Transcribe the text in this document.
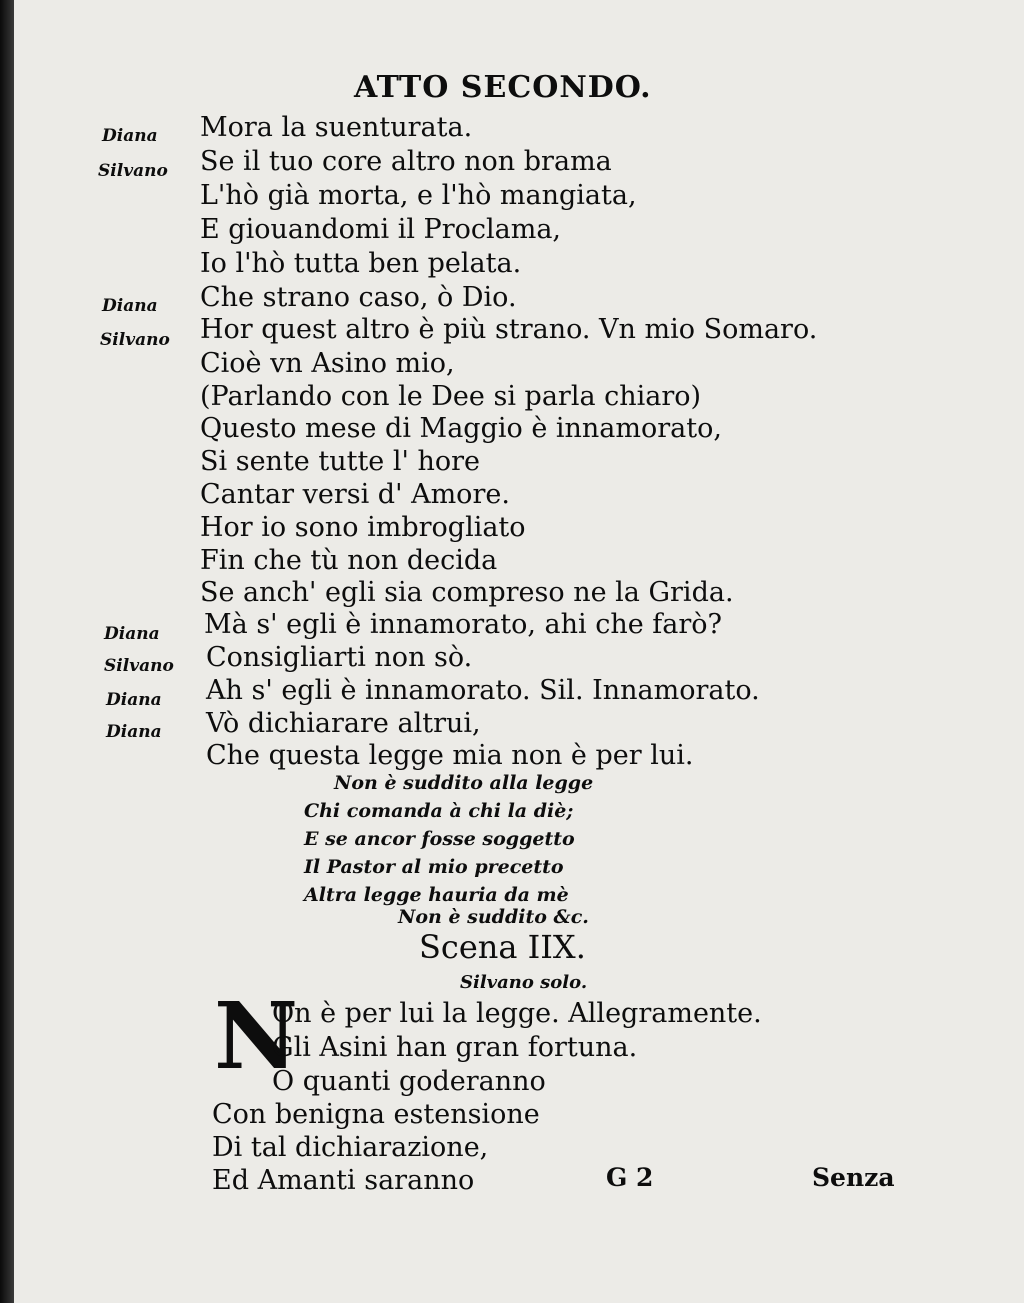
ATTO SECONDO.
Diana Mora la suenturata.
Silvano Se il tuo core altro non brama
L'hò già morta, e l'hò mangiata,
E giouandomi il Proclama,
Io l'hò tutta ben pelata.
Diana Che strano caso, ò Dio.
Silvano Hor quest altro è più strano. Vn mio Somaro.
Cioè vn Asino mio,
(Parlando con le Dee si parla chiaro)
Questo mese di Maggio è innamorato,
Si sente tutte l' hore
Cantar versi d' Amore.
Hor io sono imbrogliato
Fin che tù non decida
Se anch' egli sia compreso ne la Grida.
Diana Mà s' egli è innamorato, ahi che farò?
Silvano Consigliarti non sò.
Diana Ah s' egli è innamorato. Sil. Innamorato.
Diana Vò dichiarare altrui,
Che questa legge mia non è per lui.
Non è suddito alla legge
Chi comanda à chi la diè;
E se ancor fosse soggetto
Il Pastor al mio precetto
Altra legge hauria da mè
Non è suddito &c.
Scena IIX.
Silvano solo.
N
On è per lui la legge. Allegramente.
Gli Asini han gran fortuna.
O quanti goderanno
Con benigna estensione
Di tal dichiarazione,
Ed Amanti saranno	G 2	Senza
